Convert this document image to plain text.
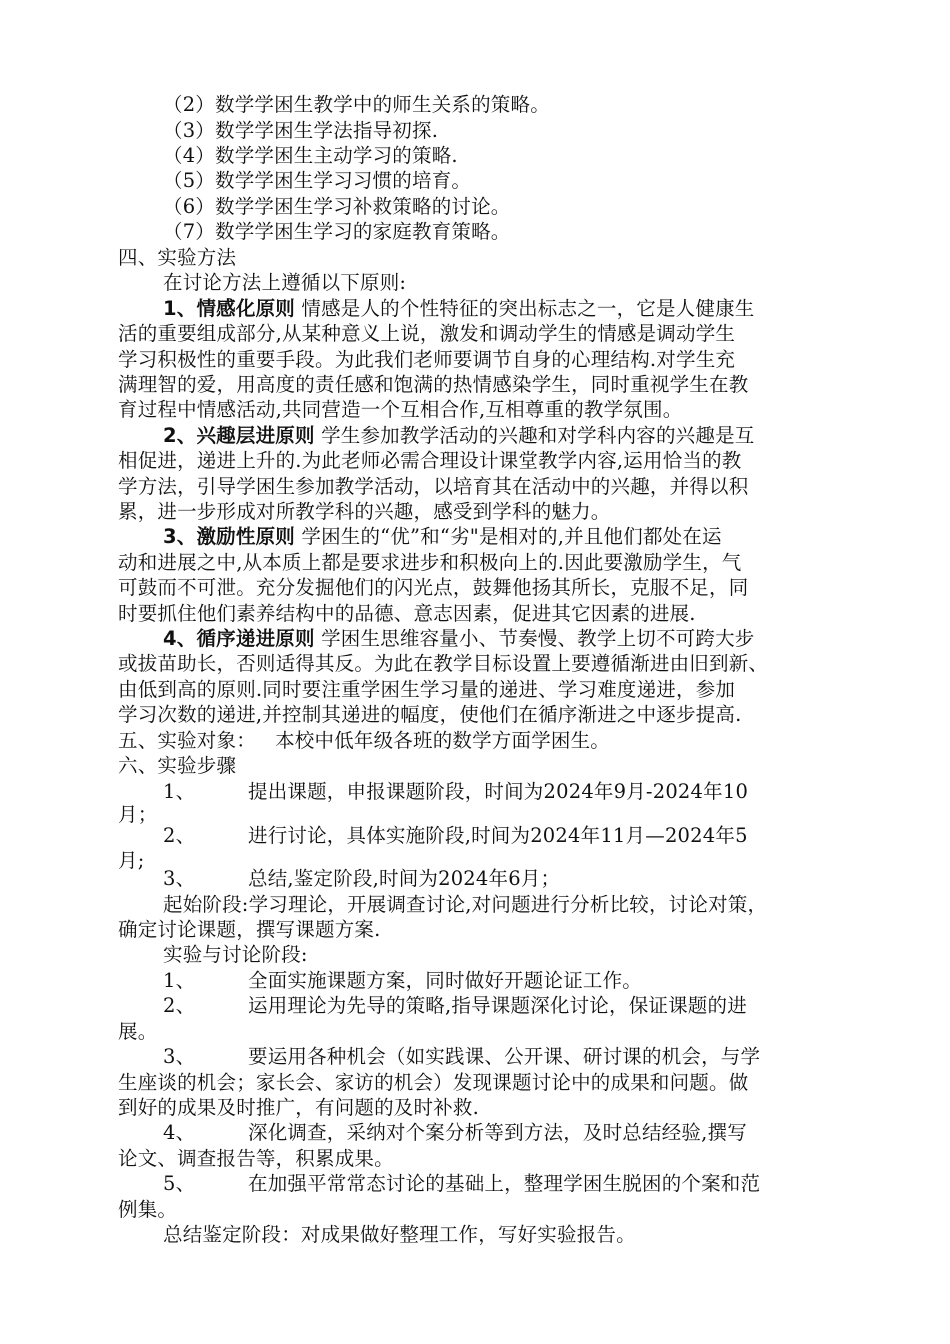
（2）数学学困生教学中的师生关系的策略。
（3）数学学困生学法指导初探.
（4）数学学困生主动学习的策略.
（5）数学学困生学习习惯的培育。
（6）数学学困生学习补救策略的讨论。
（7）数学学困生学习的家庭教育策略。
四、实验方法
在讨论方法上遵循以下原则:
1、情感化原则 情感是人的个性特征的突出标志之一，它是人健康生
活的重要组成部分,从某种意义上说，激发和调动学生的情感是调动学生
学习积极性的重要手段。为此我们老师要调节自身的心理结构.对学生充
满理智的爱，用高度的责任感和饱满的热情感染学生，同时重视学生在教
育过程中情感活动,共同营造一个互相合作,互相尊重的教学氛围。
2、兴趣层进原则 学生参加教学活动的兴趣和对学科内容的兴趣是互
相促进，递进上升的.为此老师必需合理设计课堂教学内容,运用恰当的教
学方法，引导学困生参加教学活动，以培育其在活动中的兴趣，并得以积
累，进一步形成对所教学科的兴趣，感受到学科的魅力。
3、激励性原则 学困生的“优”和“劣"是相对的,并且他们都处在运
动和进展之中,从本质上都是要求进步和积极向上的.因此要激励学生，气
可鼓而不可泄。充分发掘他们的闪光点，鼓舞他扬其所长，克服不足，同
时要抓住他们素养结构中的品德、意志因素，促进其它因素的进展.
4、循序递进原则 学困生思维容量小、节奏慢、教学上切不可跨大步
或拔苗助长，否则适得其反。为此在教学目标设置上要遵循渐进由旧到新、
由低到高的原则.同时要注重学困生学习量的递进、学习难度递进，参加
学习次数的递进,并控制其递进的幅度，使他们在循序渐进之中逐步提高.
五、实验对象：   本校中低年级各班的数学方面学困生。
六、实验步骤
1、	提出课题，申报课题阶段，时间为2024年9月-2024年10
月；
2、	进行讨论，具体实施阶段,时间为2024年11月—2024年5
月;
3、	总结,鉴定阶段,时间为2024年6月；
起始阶段:学习理论，开展调查讨论,对问题进行分析比较，讨论对策，
确定讨论课题，撰写课题方案.
实验与讨论阶段:
1、	全面实施课题方案，同时做好开题论证工作。
2、	运用理论为先导的策略,指导课题深化讨论，保证课题的进
展。
3、	要运用各种机会（如实践课、公开课、研讨课的机会，与学
生座谈的机会；家长会、家访的机会）发现课题讨论中的成果和问题。做
到好的成果及时推广，有问题的及时补救.
4、	深化调查，采纳对个案分析等到方法，及时总结经验,撰写
论文、调查报告等，积累成果。
5、	在加强平常常态讨论的基础上，整理学困生脱困的个案和范
例集。
总结鉴定阶段：对成果做好整理工作，写好实验报告。
